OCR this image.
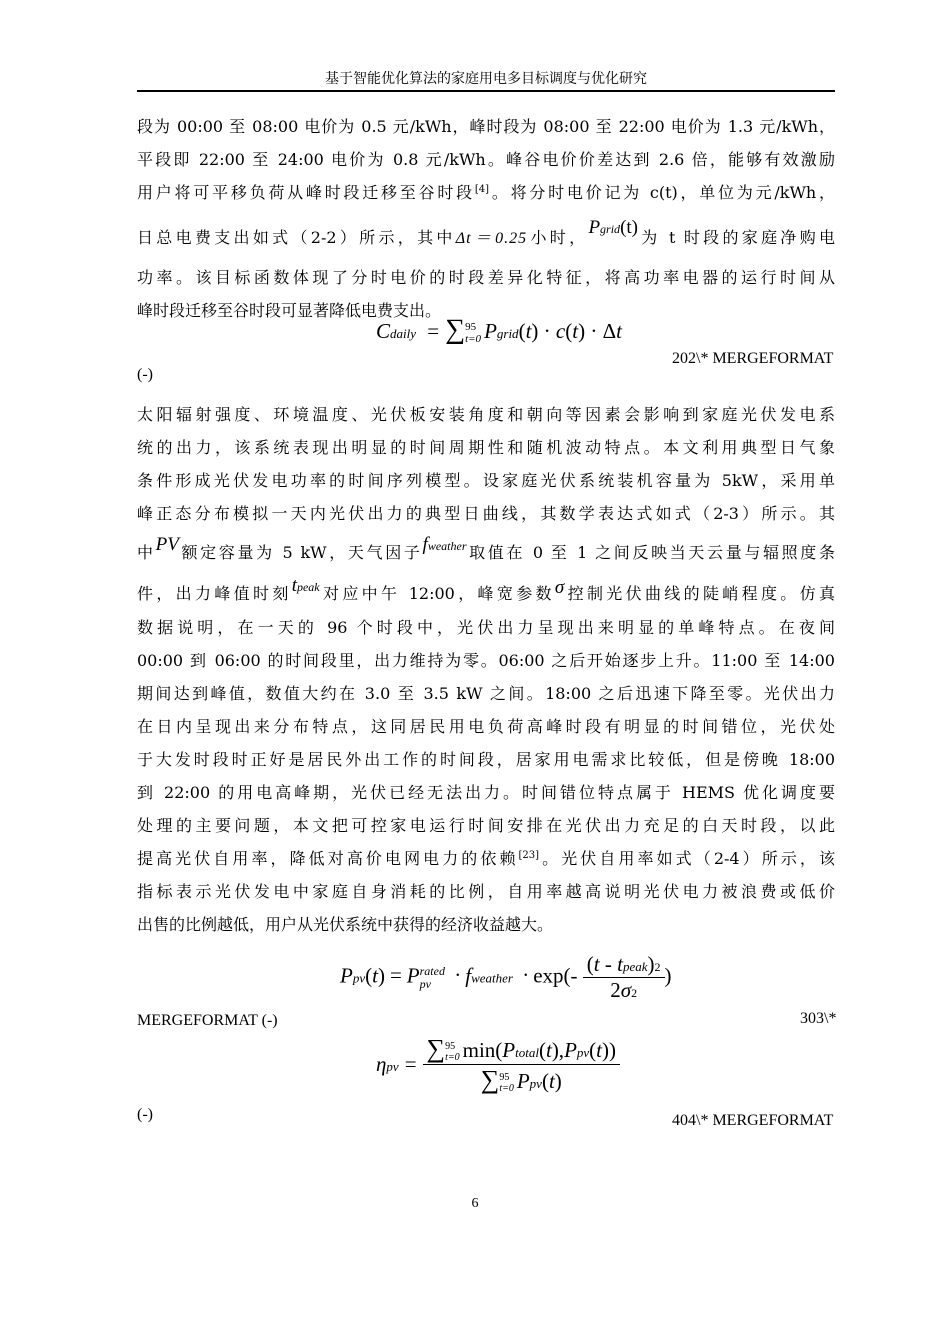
基于智能优化算法的家庭用电多目标调度与优化研究
段为 00:00 至 08:00 电价为 0.5 元/kWh，峰时段为 08:00 至 22:00 电价为 1.3 元/kWh，
平段即 22:00 至 24:00 电价为 0.8 元/kWh。峰谷电价价差达到 2.6 倍，能够有效激励
用户将可平移负荷从峰时段迁移至谷时段[4]。将分时电价记为 c(t)，单位为元/kWh，
日总电费支出如式（2-2）所示，其中Δt＝0.25小时，Pgrid(t)为 t 时段的家庭净购电
功率。该目标函数体现了分时电价的时段差异化特征，将高功率电器的运行时间从
峰时段迁移至谷时段可显著降低电费支出。
Cdaily = ∑ 95
t=0 Pgrid(t) · c(t) · Δt
202\* MERGEFORMAT
(-)
太阳辐射强度、环境温度、光伏板安装角度和朝向等因素会影响到家庭光伏发电系
统的出力，该系统表现出明显的时间周期性和随机波动特点。本文利用典型日气象
条件形成光伏发电功率的时间序列模型。设家庭光伏系统装机容量为 5kW，采用单
峰正态分布模拟一天内光伏出力的典型日曲线，其数学表达式如式（2-3）所示。其
中PV额定容量为 5 kW，天气因子fweather取值在 0 至 1 之间反映当天云量与辐照度条
件，出力峰值时刻tpeak对应中午 12:00，峰宽参数σ控制光伏曲线的陡峭程度。仿真
数据说明，在一天的 96 个时段中，光伏出力呈现出来明显的单峰特点。在夜间
00:00 到 06:00 的时间段里，出力维持为零。06:00 之后开始逐步上升。11:00 至 14:00
期间达到峰值，数值大约在 3.0 至 3.5 kW 之间。18:00 之后迅速下降至零。光伏出力
在日内呈现出来分布特点，这同居民用电负荷高峰时段有明显的时间错位，光伏处
于大发时段时正好是居民外出工作的时间段，居家用电需求比较低，但是傍晚 18:00
到 22:00 的用电高峰期，光伏已经无法出力。时间错位特点属于 HEMS 优化调度要
处理的主要问题，本文把可控家电运行时间安排在光伏出力充足的白天时段，以此
提高光伏自用率，降低对高价电网电力的依赖[23]。光伏自用率如式（2-4）所示，该
指标表示光伏发电中家庭自身消耗的比例，自用率越高说明光伏电力被浪费或低价
出售的比例越低，用户从光伏系统中获得的经济收益越大。
Ppv(t) = P rated
pv	· fweather · $\exp(- \frac{\text{(t - tpeak)2}}{2\sigma 2}$ )
MERGEFORMAT (-)	303\*
ηpv = ∑ 95
t=0 min(Ptotal(t),Ppv(t))
∑ 95
t=0 Ppv(t)
(-)	404\* MERGEFORMAT
6
